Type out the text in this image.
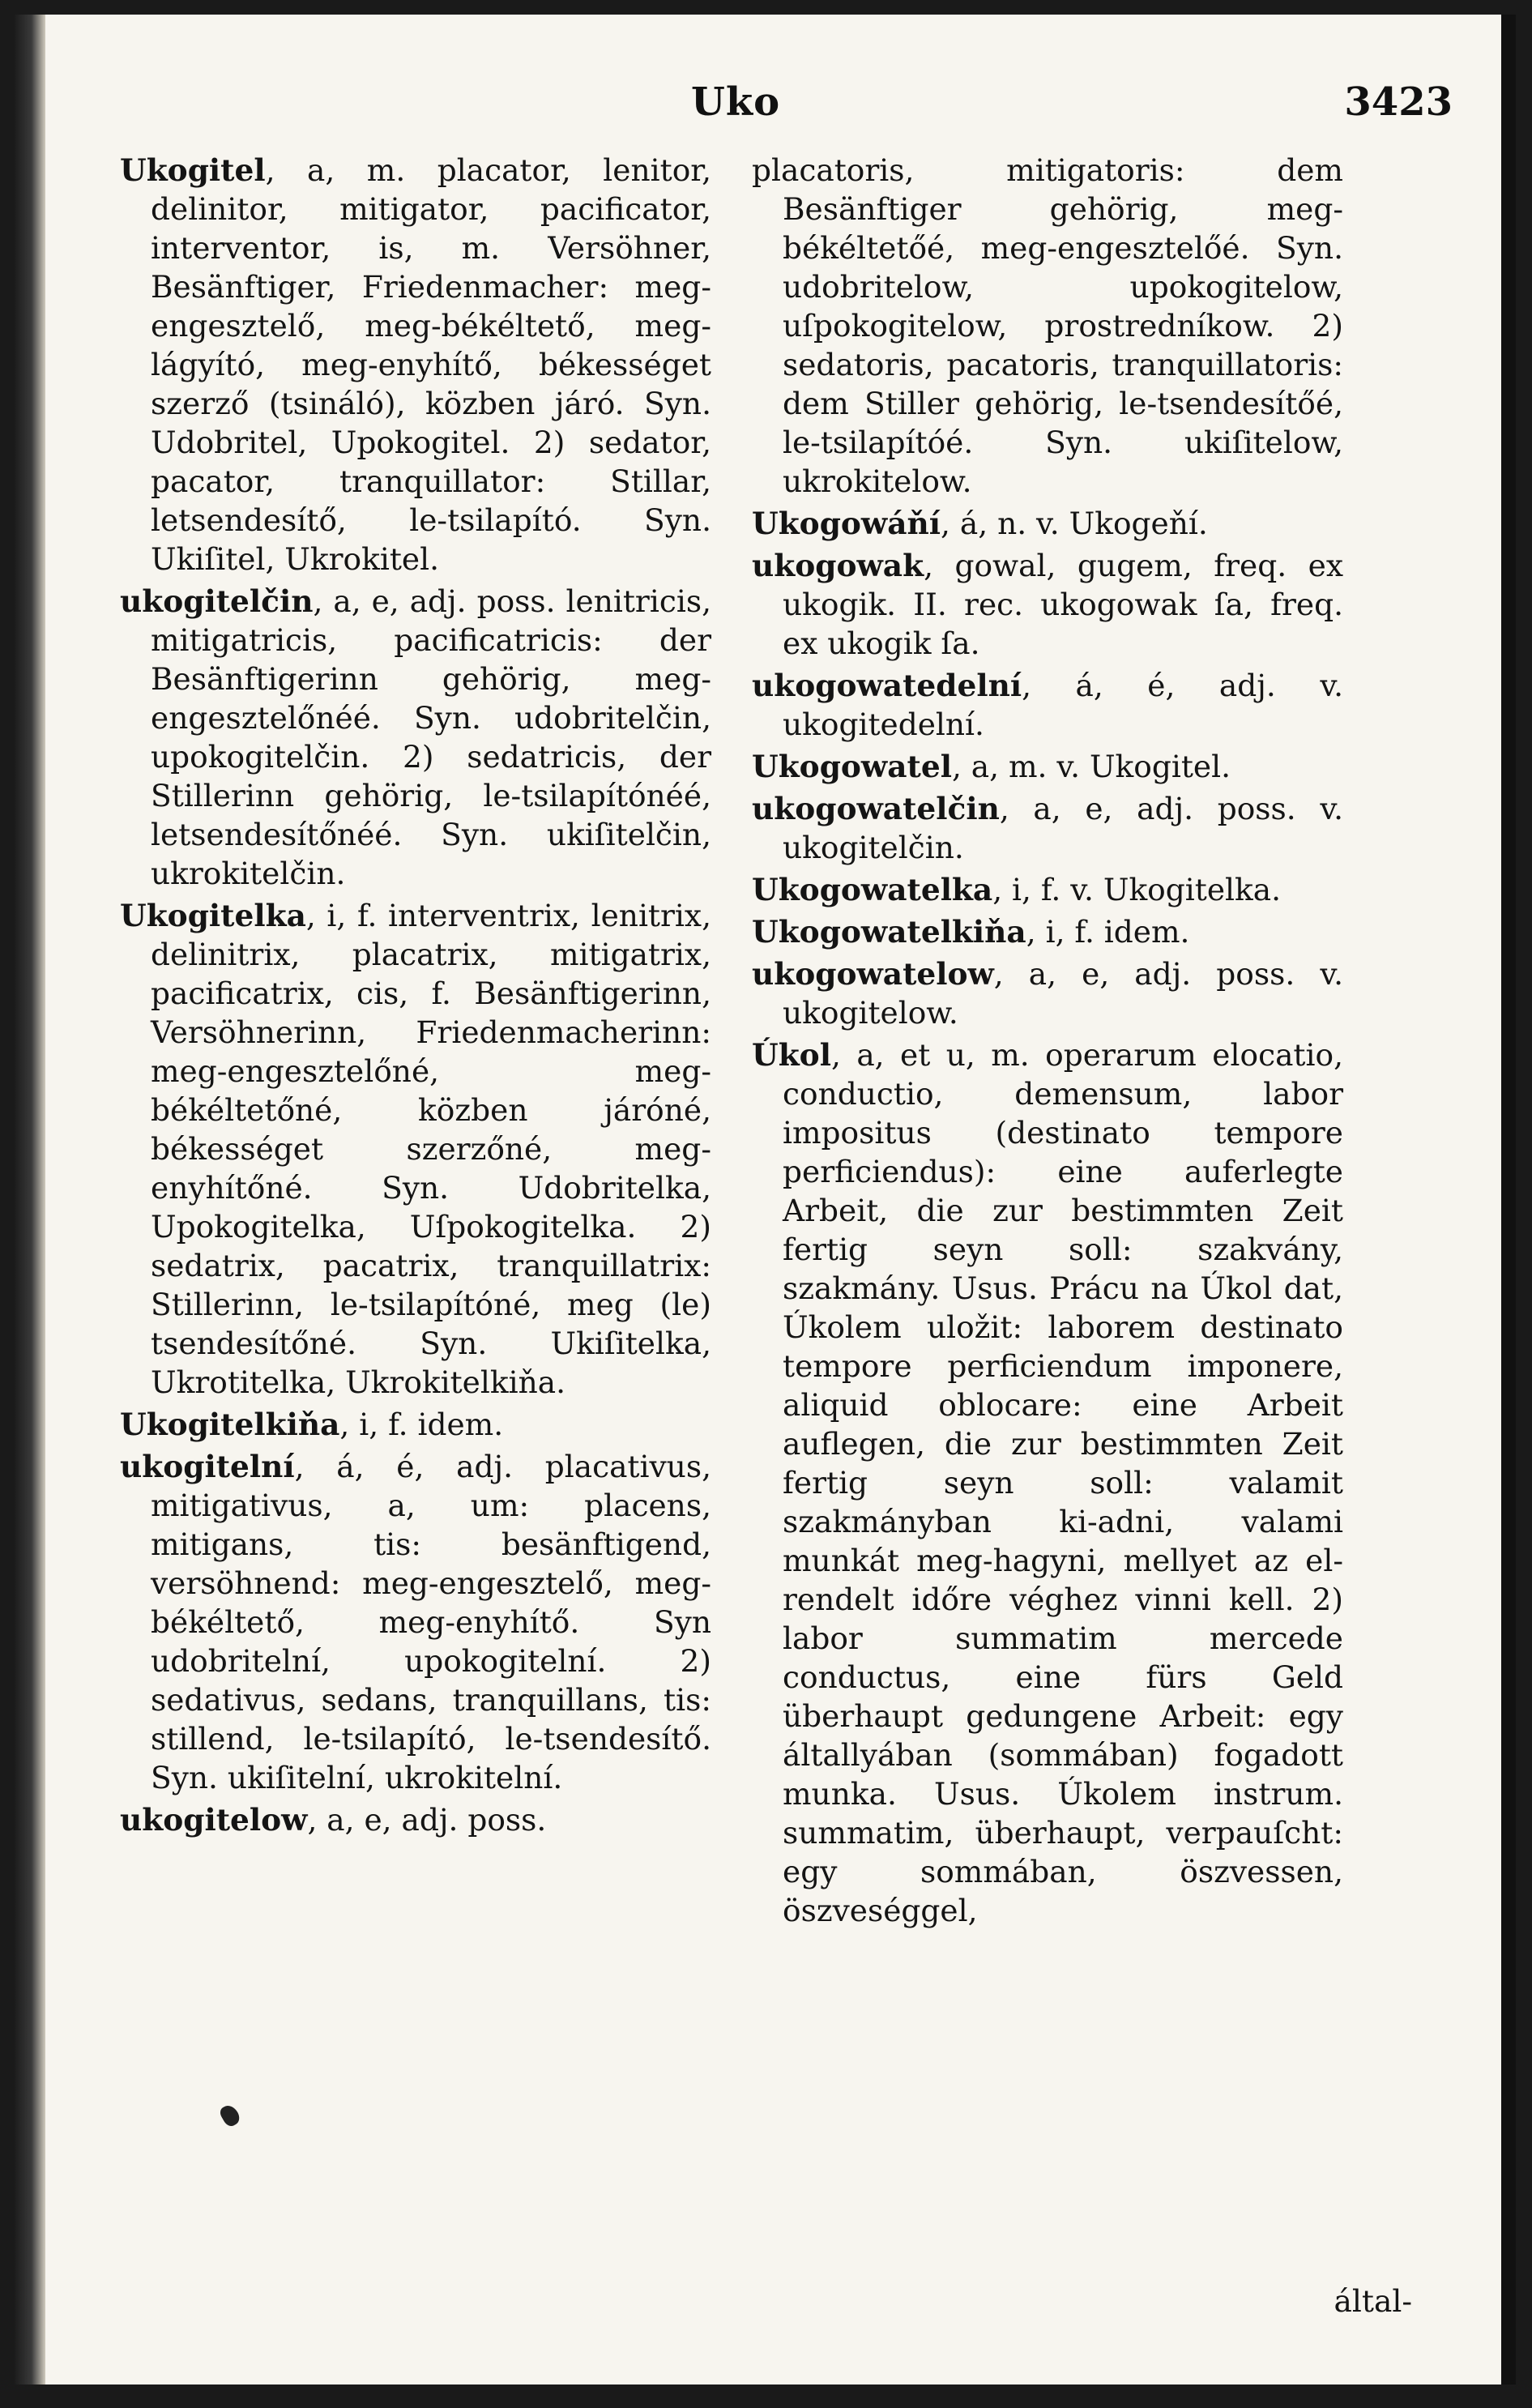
Ukо	3423

Ukogitel, a, m. placator, lenitor, delinitor, mitigator, pacificator, interventor, is, m. Versöhner, Besänftiger, Friedenmacher: meg-engesztelő, meg-békéltető, meg-lágyító, meg-enyhítő, békességet szerző (tsináló), közben járó. Syn. Udobritel, Upokogitel. 2) sedator, pacator, tranquillator: Stillar, letsendesítő, le-tsilapító. Syn. Ukiſitel, Ukrokitel.

ukogitelčin, a, e, adj. poss. lenitricis, mitigatricis, pacificatricis: der Besänftigerinn gehörig, meg-engesztelőnéé. Syn. udobritelčin, upokogitelčin. 2) sedatricis, der Stillerinn gehörig, le-tsilapítónéé, letsendesítőnéé. Syn. ukiſitelčin, ukrokitelčin.

Ukogitelka, i, f. interventrix, lenitrix, delinitrix, placatrix, mitigatrix, pacificatrix, cis, f. Besänftigerinn, Versöhnerinn, Friedenmacherinn: meg-engesztelőné, meg-békéltetőné, közben járóné, békességet szerzőné, meg-enyhítőné. Syn. Udobritelka, Upokogitelka, Uſpokogitelka. 2) sedatrix, pacatrix, tranquillatrix: Stillerinn, le-tsilapítóné, meg (le) tsendesítőné. Syn. Ukiſitelka, Ukrotitelka, Ukrokitelkiňa.

Ukogitelkiňa, i, f. idem.

ukogitelní, á, é, adj. placativus, mitigativus, a, um: placens, mitigans, tis: besänftigend, versöhnend: meg-engesztelő, meg-békéltető, meg-enyhítő. Syn udobritelní, upokogitelní. 2) sedativus, sedans, tranquillans, tis: stillend, le-tsilapító, le-tsendesítő. Syn. ukiſitelní, ukrokitelní.

ukogitelow, a, e, adj. poss.

placatoris, mitigatoris: dem Besänftiger gehörig, meg-békéltetőé, meg-engesztelőé. Syn. udobritelow, upokogitelow, uſpokogitelow, prostredníkow. 2) sedatoris, pacatoris, tranquillatoris: dem Stiller gehörig, le-tsendesítőé, le-tsilapítóé. Syn. ukiſitelow, ukrokitelow.

Ukogowáňí, á, n. v. Ukogeňí.

ukogowak, gowal, gugem, freq. ex ukogik. II. rec. ukogowak ſa, freq. ex ukogik ſa.

ukogowatedelní, á, é, adj. v. ukogitedelní.

Ukogowatel, a, m. v. Ukogitel.

ukogowatelčin, a, e, adj. poss. v. ukogitelčin.

Ukogowatelka, i, f. v. Ukogitelka.

Ukogowatelkiňa, i, f. idem.

ukogowatelow, a, e, adj. poss. v. ukogitelow.

Úkol, a, et u, m. operarum elocatio, conductio, demensum, labor impositus (destinato tempore perficiendus): eine auferlegte Arbeit, die zur bestimmten Zeit fertig seyn soll: szakvány, szakmány. Usus. Prácu na Úkol dat, Úkolem uložit: laborem destinato tempore perficiendum imponere, aliquid oblocare: eine Arbeit auflegen, die zur bestimmten Zeit fertig seyn soll: valamit szakmányban ki-adni, valami munkát meg-hagyni, mellyet az el-rendelt időre véghez vinni kell. 2) labor summatim mercede conductus, eine fürs Geld überhaupt gedungene Arbeit: egy általlyában (sommában) fogadott munka. Usus. Úkolem instrum. summatim, überhaupt, verpauſcht: egy sommában, öszvessen, öszveséggel,

által-
